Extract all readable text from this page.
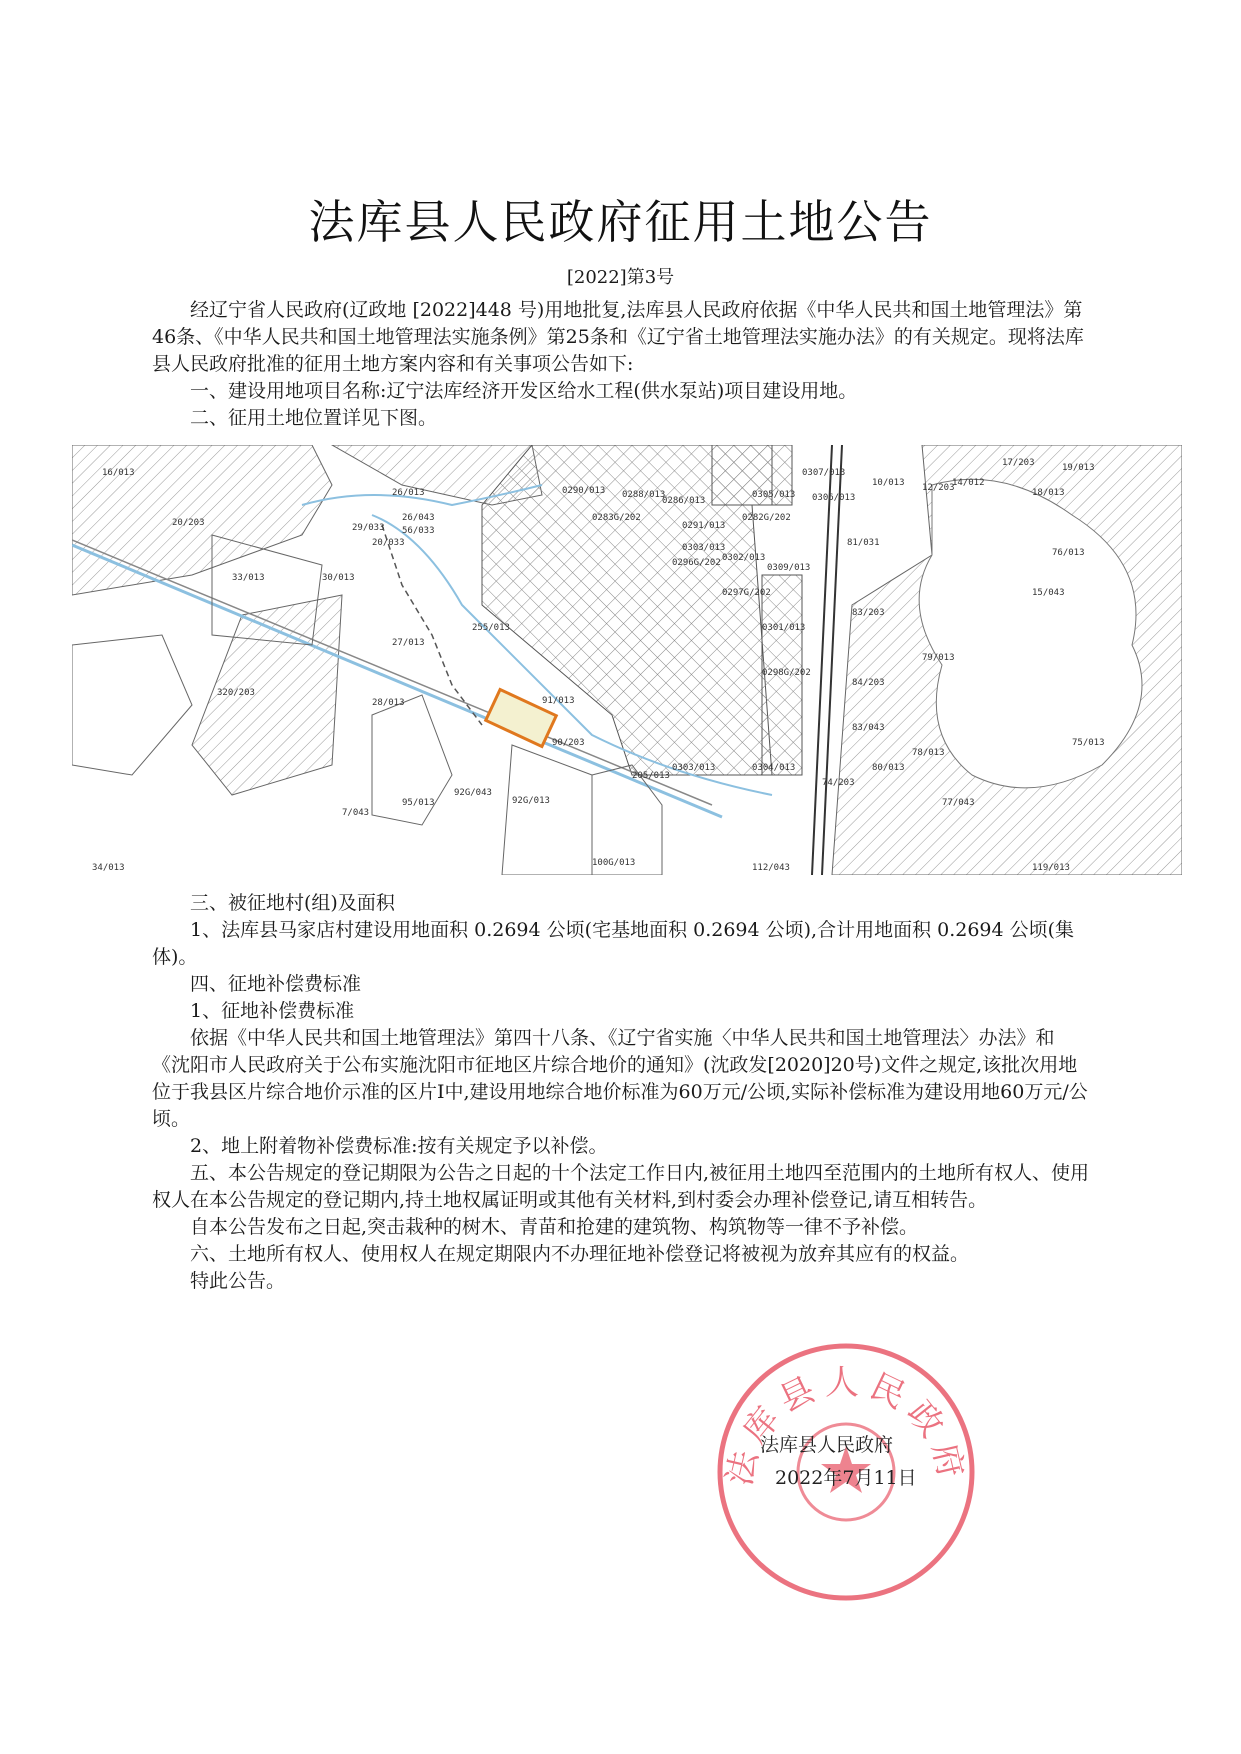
法库县人民政府征用土地公告
[2022]第3号

经辽宁省人民政府(辽政地 [2022]448 号)用地批复,法库县人民政府依据《中华人民共和国土地管理法》第46条、《中华人民共和国土地管理法实施条例》第25条和《辽宁省土地管理法实施办法》的有关规定。现将法库县人民政府批准的征用土地方案内容和有关事项公告如下:

一、建设用地项目名称:辽宁法库经济开发区给水工程(供水泵站)项目建设用地。

二、征用土地位置详见下图。

16/013
20/203
26/013
26/043
20/033
29/033 56/033
33/013	30/013
27/013
255/013
28/013
320/203
91/013
90/203
95/013
92G/043
92G/013
7/043
34/013
0290/013 0288/013
0286/013
0283G/202
0291/013
0282G/202
0303/013
0296G/202 0302/013
0297G/202
0309/013
0301/013
0298G/202
0303/013	0304/013
112/043
100G/013
205/013
81/031
83/203
79/013
84/203
83/043
78/013
80/013
74/203
77/043
17/203
119/013
18/013
19/013
76/013
15/043
75/013
10/013 12/203
14/012
0307/013
0306/013
0305/013

三、被征地村(组)及面积

1、法库县马家店村建设用地面积 0.2694 公顷(宅基地面积 0.2694 公顷),合计用地面积 0.2694 公顷(集体)。

四、征地补偿费标准

1、征地补偿费标准

依据《中华人民共和国土地管理法》第四十八条、《辽宁省实施〈中华人民共和国土地管理法〉办法》和《沈阳市人民政府关于公布实施沈阳市征地区片综合地价的通知》(沈政发[2020]20号)文件之规定,该批次用地位于我县区片综合地价示准的区片Ⅰ中,建设用地综合地价标准为60万元/公顷,实际补偿标准为建设用地60万元/公顷。

2、地上附着物补偿费标准:按有关规定予以补偿。

五、本公告规定的登记期限为公告之日起的十个法定工作日内,被征用土地四至范围内的土地所有权人、使用权人在本公告规定的登记期内,持土地权属证明或其他有关材料,到村委会办理补偿登记,请互相转告。

自本公告发布之日起,突击栽种的树木、青苗和抢建的建筑物、构筑物等一律不予补偿。

六、土地所有权人、使用权人在规定期限内不办理征地补偿登记将被视为放弃其应有的权益。

特此公告。

法库县人民政府
法库县人民政府
2022年7月11日
